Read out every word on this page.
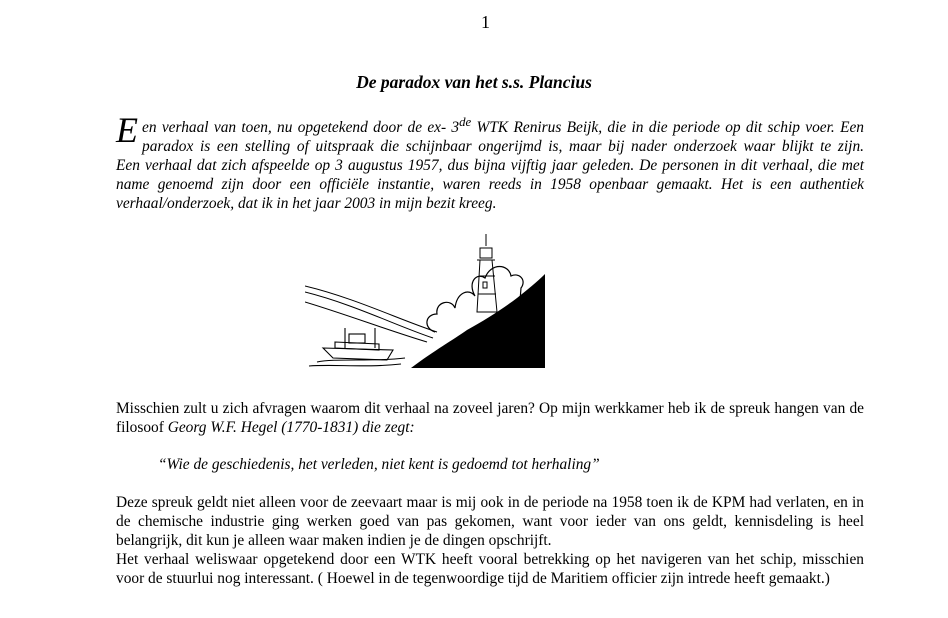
1
De paradox van het s.s. Plancius

Een verhaal van toen, nu opgetekend door de ex- 3de WTK Renirus Beijk, die in die periode op dit schip voer. Een paradox is een stelling of uitspraak die schijnbaar ongerijmd is, maar bij nader onderzoek waar blijkt te zijn.

Een verhaal dat zich afspeelde op 3 augustus 1957, dus bijna vijftig jaar geleden. De personen in dit verhaal, die met name genoemd zijn door een officiële instantie, waren reeds in 1958 openbaar gemaakt. Het is een authentiek verhaal/onderzoek, dat ik in het jaar 2003 in mijn bezit kreeg.

Misschien zult u zich afvragen waarom dit verhaal na zoveel jaren? Op mijn werkkamer heb ik de spreuk hangen van de filosoof Georg W.F. Hegel (1770-1831) die zegt:

“Wie de geschiedenis, het verleden, niet kent is gedoemd tot herhaling”

Deze spreuk geldt niet alleen voor de zeevaart maar is mij ook in de periode na 1958 toen ik de KPM had verlaten, en in de chemische industrie ging werken goed van pas gekomen, want voor ieder van ons geldt, kennisdeling is heel belangrijk, dit kun je alleen waar maken indien je de dingen opschrijft.

Het verhaal weliswaar opgetekend door een WTK heeft vooral betrekking op het navigeren van het schip, misschien voor de stuurlui nog interessant. ( Hoewel in de tegenwoordige tijd de Maritiem officier zijn intrede heeft gemaakt.)
